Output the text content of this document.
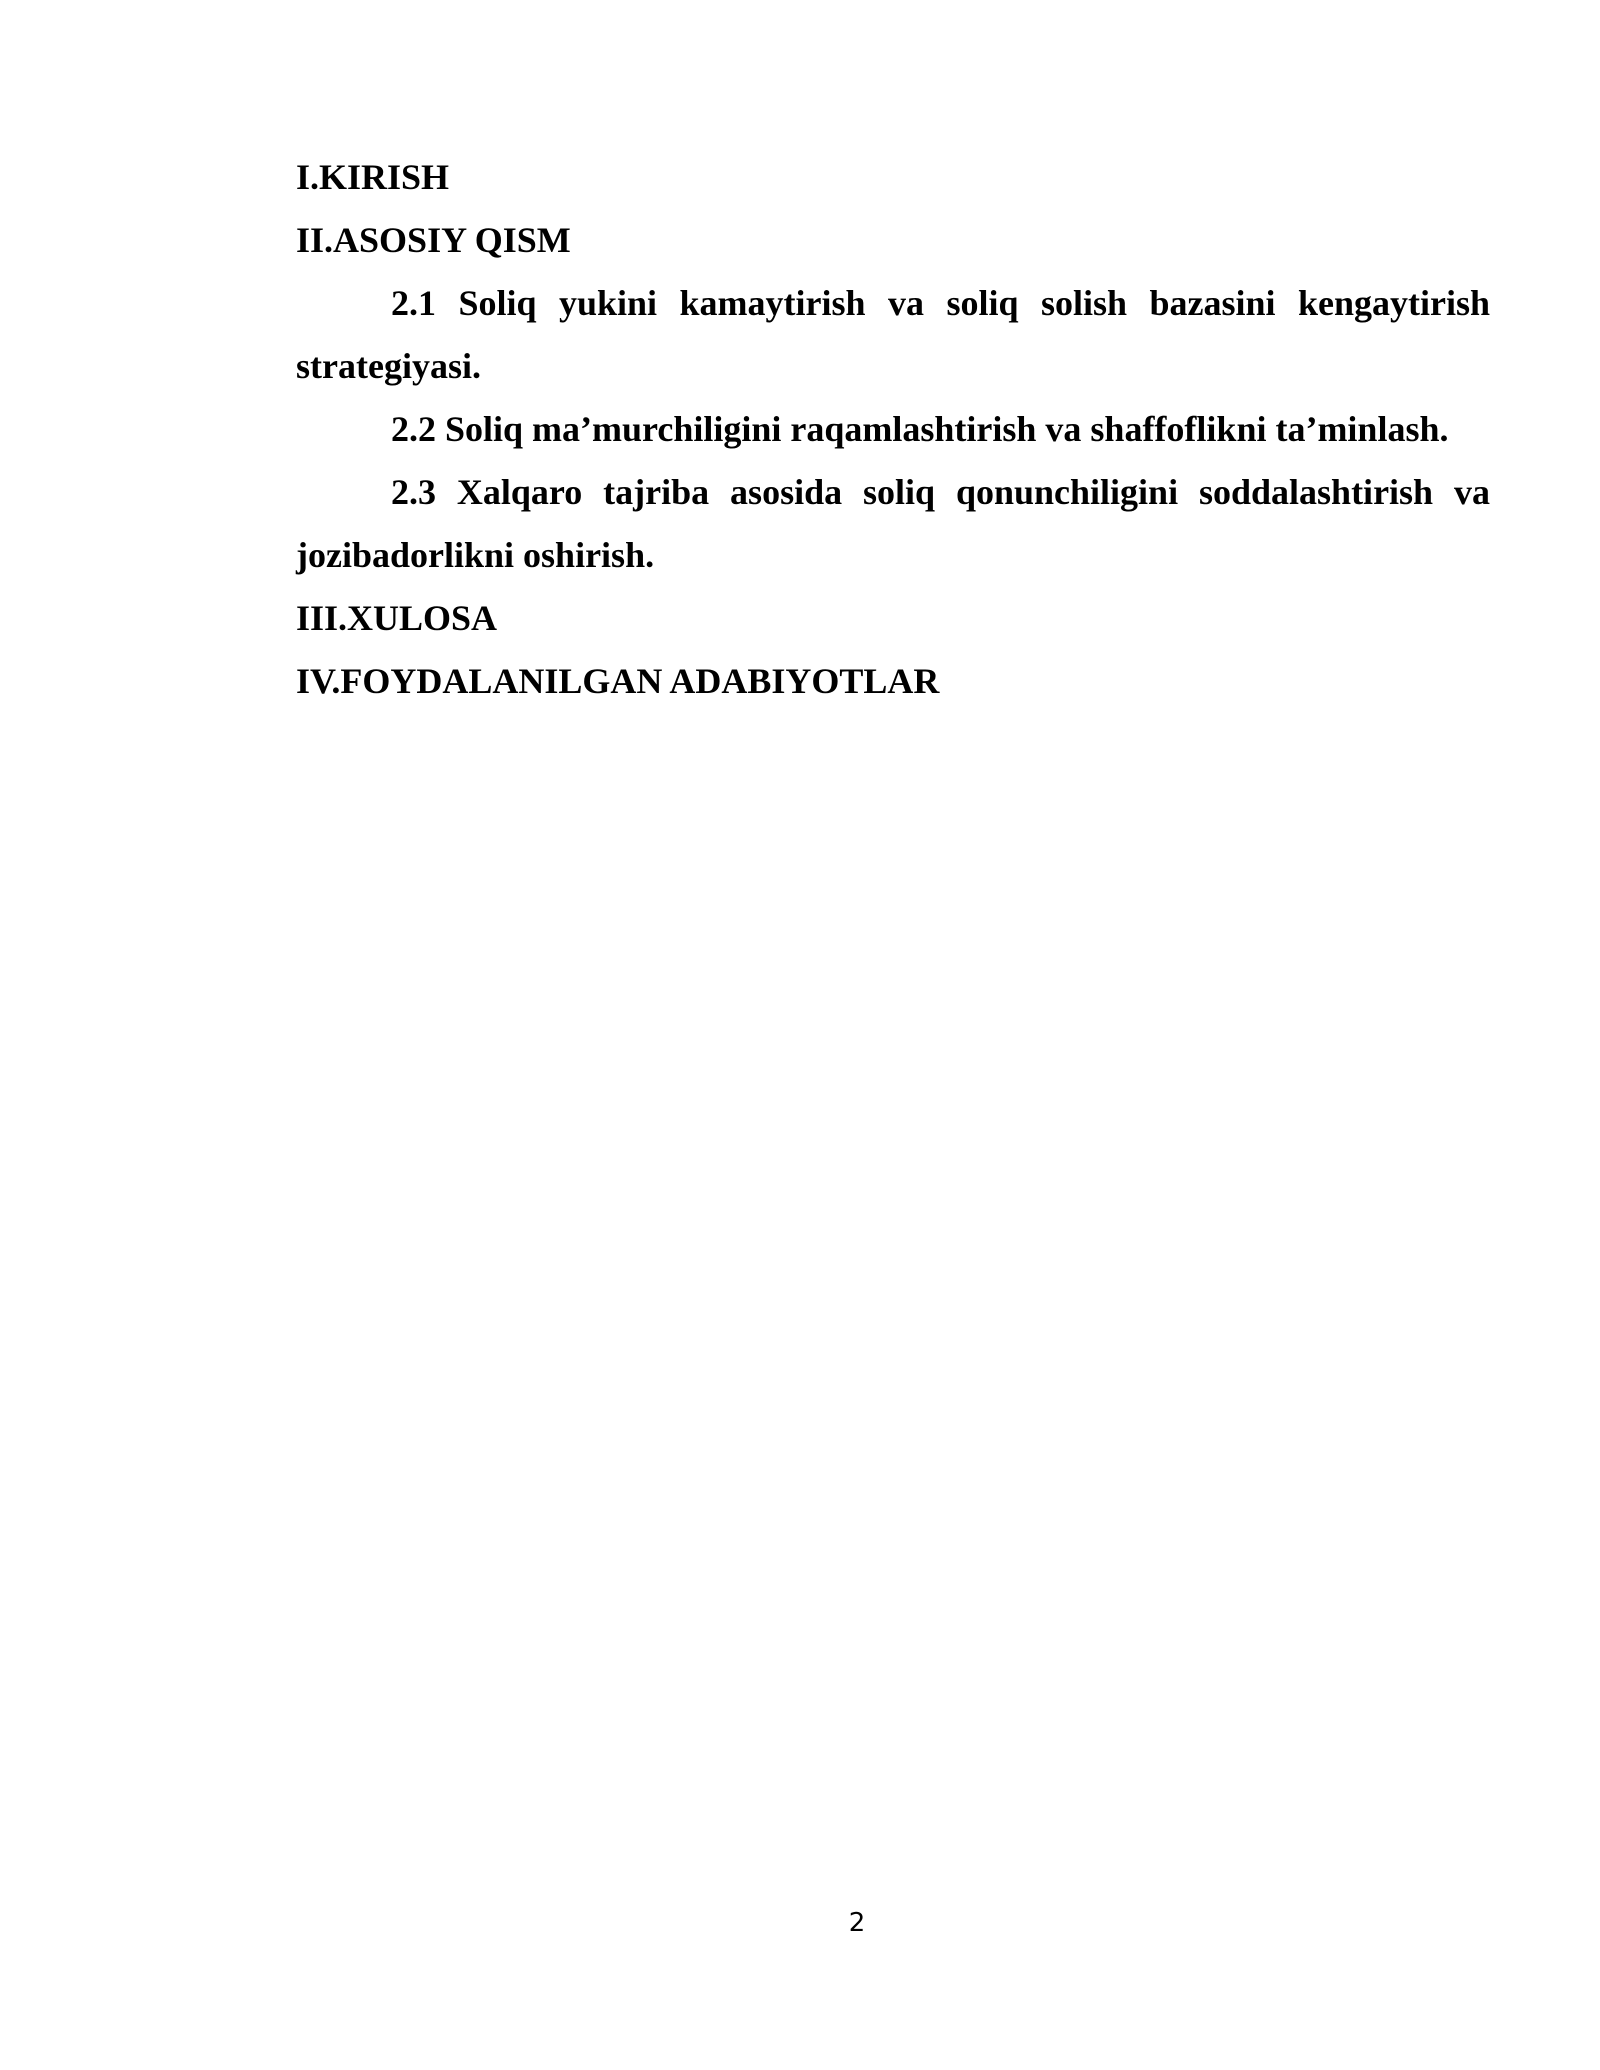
I.KIRISH

II.ASOSIY QISM

2.1 Soliq yukini kamaytirish va soliq solish bazasini kengaytirish strategiyasi.

2.2 Soliq ma’murchiligini raqamlashtirish va shaffoflikni ta’minlash.

2.3 Xalqaro tajriba asosida soliq qonunchiligini soddalashtirish va jozibadorlikni oshirish.

III.XULOSA

IV.FOYDALANILGAN ADABIYOTLAR

2
